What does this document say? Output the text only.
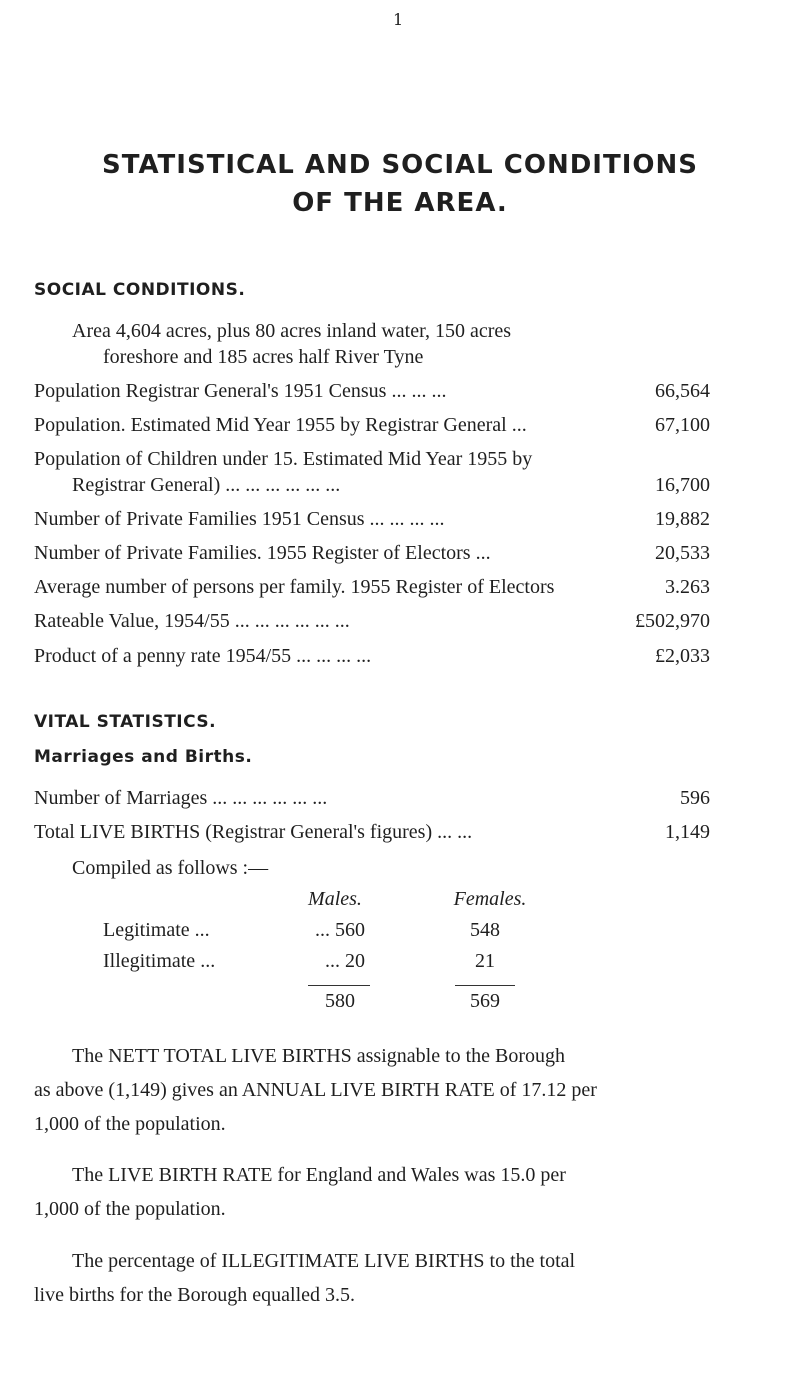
1
STATISTICAL AND SOCIAL CONDITIONS
OF THE AREA.
SOCIAL CONDITIONS.
Area 4,604 acres, plus 80 acres inland water, 150 acres
foreshore and 185 acres half River Tyne
Population Registrar General's 1951 Census ... ... ...	66,564
Population. Estimated Mid Year 1955 by Registrar General ...	67,100
Population of Children under 15. Estimated Mid Year 1955 by
Registrar General) ... ... ... ... ... ...	16,700
Number of Private Families 1951 Census ... ... ... ...	19,882
Number of Private Families. 1955 Register of Electors ...	20,533
Average number of persons per family. 1955 Register of Electors	3.263
Rateable Value, 1954/55 ... ... ... ... ... ...	£502,970
Product of a penny rate 1954/55 ... ... ... ...	£2,033
VITAL STATISTICS.
Marriages and Births.
Number of Marriages ... ... ... ... ... ...	596
Total LIVE BIRTHS (Registrar General's figures) ... ...	1,149
Compiled as follows :—
Males.	Females.
Legitimate ...	... 560	548
Illegitimate ...	... 20	21
580	569
The NETT TOTAL LIVE BIRTHS assignable to the Borough
as above (1,149) gives an ANNUAL LIVE BIRTH RATE of 17.12 per
1,000 of the population.
The LIVE BIRTH RATE for England and Wales was 15.0 per
1,000 of the population.
The percentage of ILLEGITIMATE LIVE BIRTHS to the total
live births for the Borough equalled 3.5.
